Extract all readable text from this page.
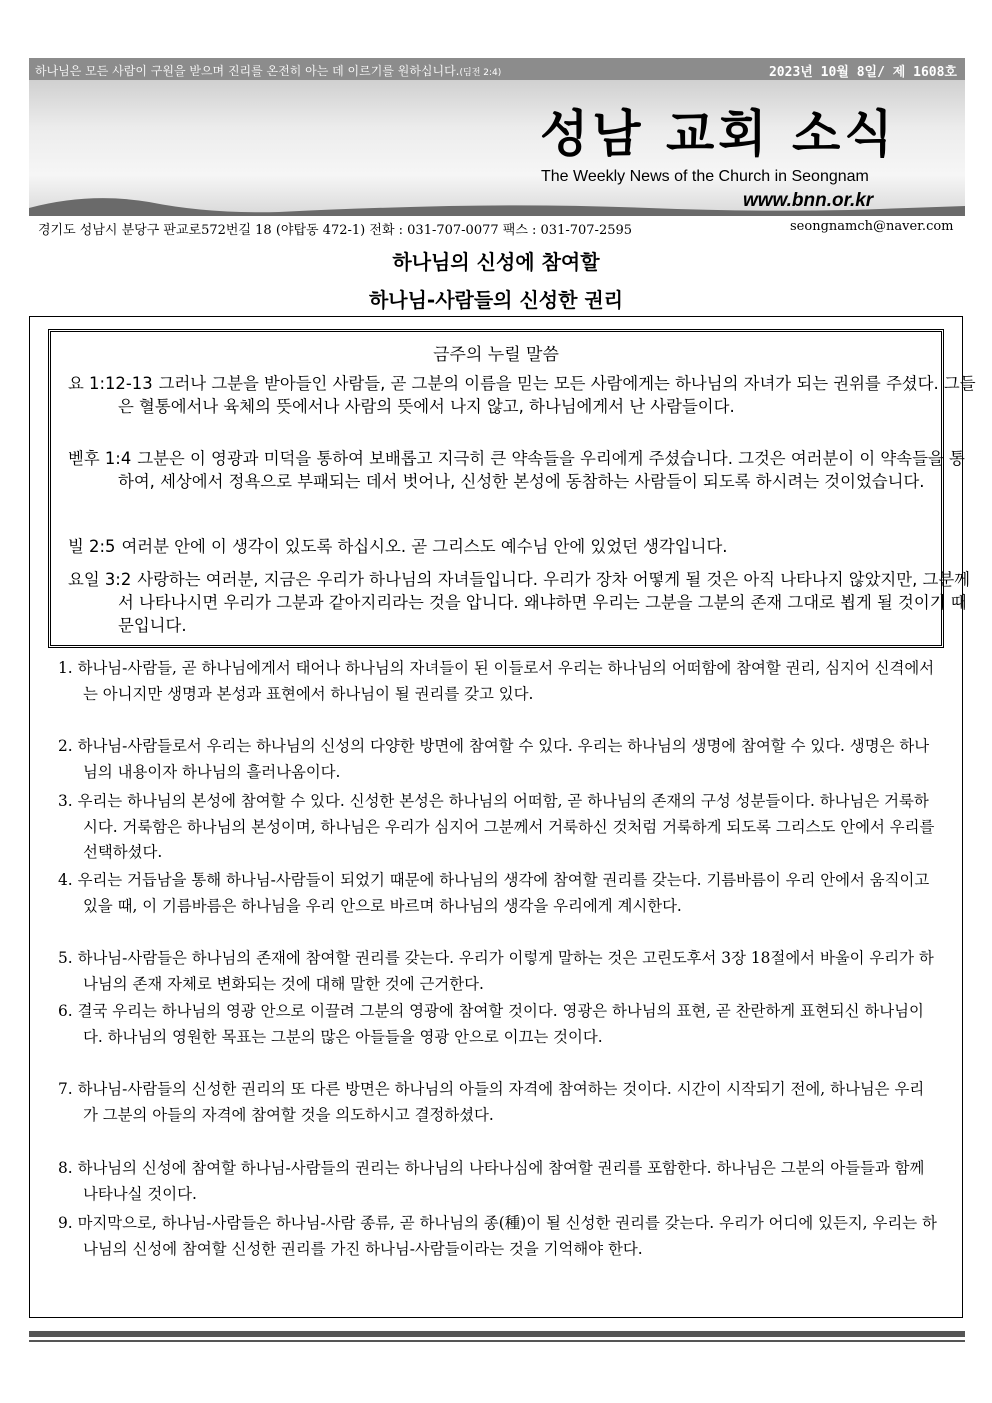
하나님은 모든 사람이 구원을 받으며 진리를 온전히 아는 데 이르기를 원하십니다.(딤전 2:4)	2023년 10월 8일/ 제 1608호
성남 교회 소식
The Weekly News of the Church in Seongnam
www.bnn.or.kr
경기도 성남시 분당구 판교로572번길 18 (야탑동 472-1) 전화 : 031-707-0077 팩스 : 031-707-2595	seongnamch@naver.com
하나님의 신성에 참여할
하나님-사람들의 신성한 권리
금주의 누릴 말씀
요 1:12-13 그러나 그분을 받아들인 사람들, 곧 그분의 이름을 믿는 모든 사람에게는 하나님의 자녀가 되는 권위를 주셨다. 그들은 혈통에서나 육체의 뜻에서나 사람의 뜻에서 나지 않고, 하나님에게서 난 사람들이다.
벧후 1:4 그분은 이 영광과 미덕을 통하여 보배롭고 지극히 큰 약속들을 우리에게 주셨습니다. 그것은 여러분이 이 약속들을 통하여, 세상에서 정욕으로 부패되는 데서 벗어나, 신성한 본성에 동참하는 사람들이 되도록 하시려는 것이었습니다.
빌 2:5 여러분 안에 이 생각이 있도록 하십시오. 곧 그리스도 예수님 안에 있었던 생각입니다.
요일 3:2 사랑하는 여러분, 지금은 우리가 하나님의 자녀들입니다. 우리가 장차 어떻게 될 것은 아직 나타나지 않았지만, 그분께서 나타나시면 우리가 그분과 같아지리라는 것을 압니다. 왜냐하면 우리는 그분을 그분의 존재 그대로 뵙게 될 것이기 때문입니다.
1. 하나님-사람들, 곧 하나님에게서 태어나 하나님의 자녀들이 된 이들로서 우리는 하나님의 어떠함에 참여할 권리, 심지어 신격에서는 아니지만 생명과 본성과 표현에서 하나님이 될 권리를 갖고 있다.
2. 하나님-사람들로서 우리는 하나님의 신성의 다양한 방면에 참여할 수 있다. 우리는 하나님의 생명에 참여할 수 있다. 생명은 하나님의 내용이자 하나님의 흘러나옴이다.
3. 우리는 하나님의 본성에 참여할 수 있다. 신성한 본성은 하나님의 어떠함, 곧 하나님의 존재의 구성 성분들이다. 하나님은 거룩하시다. 거룩함은 하나님의 본성이며, 하나님은 우리가 심지어 그분께서 거룩하신 것처럼 거룩하게 되도록 그리스도 안에서 우리를 선택하셨다.
4. 우리는 거듭남을 통해 하나님-사람들이 되었기 때문에 하나님의 생각에 참여할 권리를 갖는다. 기름바름이 우리 안에서 움직이고 있을 때, 이 기름바름은 하나님을 우리 안으로 바르며 하나님의 생각을 우리에게 계시한다.
5. 하나님-사람들은 하나님의 존재에 참여할 권리를 갖는다. 우리가 이렇게 말하는 것은 고린도후서 3장 18절에서 바울이 우리가 하나님의 존재 자체로 변화되는 것에 대해 말한 것에 근거한다.
6. 결국 우리는 하나님의 영광 안으로 이끌려 그분의 영광에 참여할 것이다. 영광은 하나님의 표현, 곧 찬란하게 표현되신 하나님이다. 하나님의 영원한 목표는 그분의 많은 아들들을 영광 안으로 이끄는 것이다.
7. 하나님-사람들의 신성한 권리의 또 다른 방면은 하나님의 아들의 자격에 참여하는 것이다. 시간이 시작되기 전에, 하나님은 우리가 그분의 아들의 자격에 참여할 것을 의도하시고 결정하셨다.
8. 하나님의 신성에 참여할 하나님-사람들의 권리는 하나님의 나타나심에 참여할 권리를 포함한다. 하나님은 그분의 아들들과 함께 나타나실 것이다.
9. 마지막으로, 하나님-사람들은 하나님-사람 종류, 곧 하나님의 종(種)이 될 신성한 권리를 갖는다. 우리가 어디에 있든지, 우리는 하나님의 신성에 참여할 신성한 권리를 가진 하나님-사람들이라는 것을 기억해야 한다.
